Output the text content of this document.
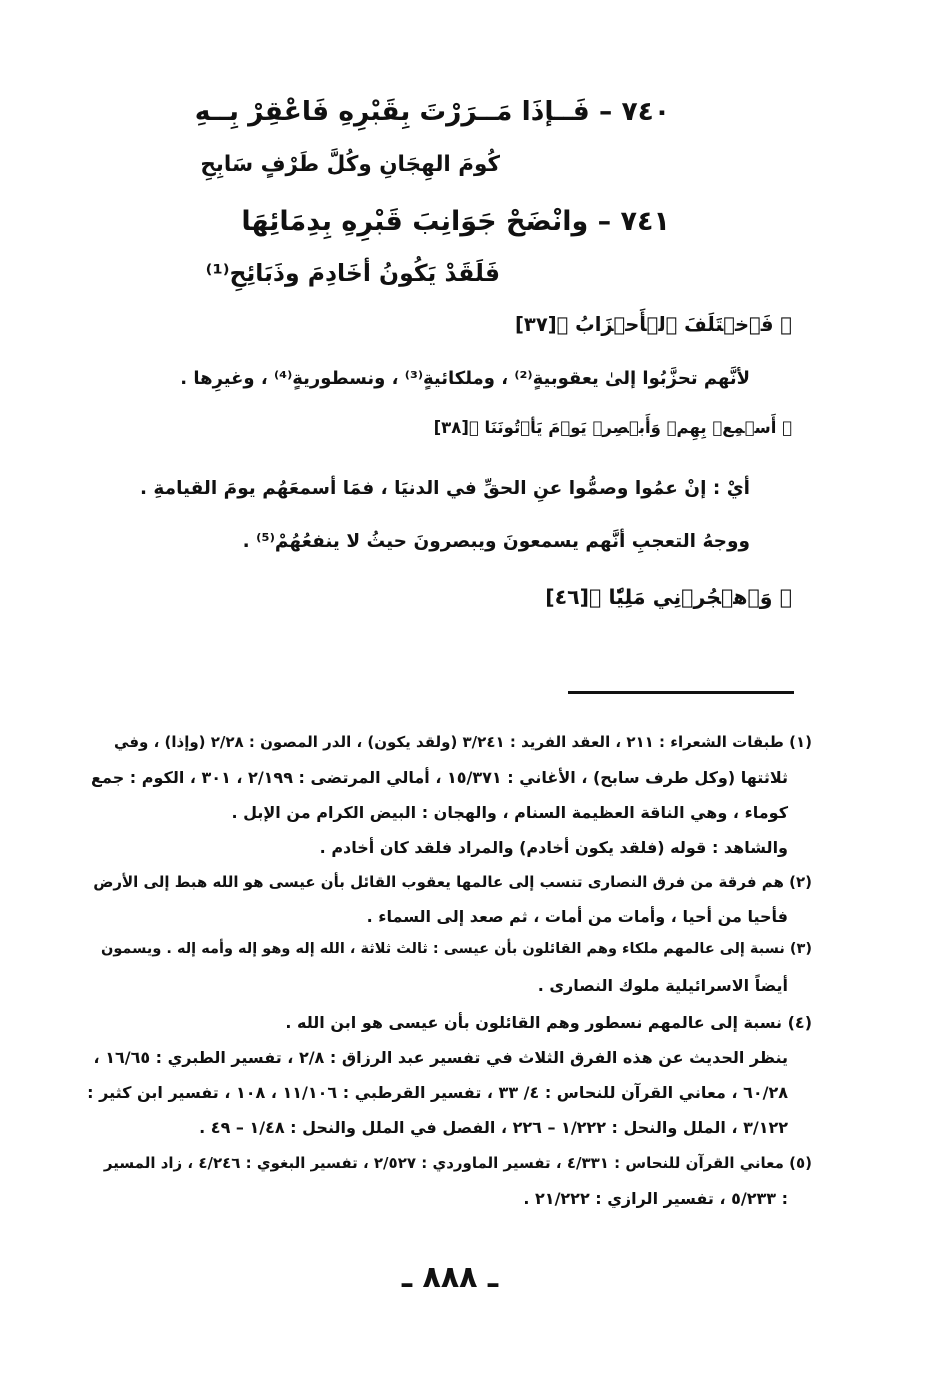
٧٤٠ – فَــإذَا مَــرَرْتَ بِقَبْرِهِ فَاعْقِرْ بِــهِ
كُومَ الهِجَانِ وكُلَّ طَرْفٍ سَابِحِ
٧٤١ – وانْضَحْ جَوَانِبَ قَبْرِهِ بِدِمَائِهَا
فَلَقَدْ يَكُونُ أخَادِمَ وذَبَائِحِ⁽¹⁾
﴿ فَٱخۡتَلَفَ ٱلۡأَحۡزَابُ ﴾[٣٧]
لأنَّهم تحزَّبُوا إلىٰ يعقوبيةٍ⁽²⁾ ، وملكائيةٍ⁽³⁾ ، ونسطوريةٍ⁽⁴⁾ ، وغيرِها .
﴿ أَسۡمِعۡ بِهِمۡ وَأَبۡصِرۡ يَوۡمَ يَأۡتُونَنَا ﴾[٣٨]
أيْ : إنْ عمُوا وصمُّوا عنِ الحقِّ في الدنيَا ، فمَا أسمعَهُم يومَ القيامةِ .
ووجهُ التعجبِ أنَّهم يسمعونَ ويبصرونَ حيثُ لا ينفعُهُمْ⁽⁵⁾ .
﴿ وَٱهۡجُرۡنِي مَلِيّٗا ﴾[٤٦]
(١) طبقات الشعراء : ٢١١ ، العقد الفريد : ٣/٢٤١ (ولقد يكون) ، الدر المصون : ٢/٢٨ (وإذا) ، وفي
ثلاثتها (وكل طرف سابح) ، الأغاني : ١٥/٣٧١ ، أمالي المرتضى : ٢/١٩٩ ، ٣٠١ ، الكوم : جمع
كوماء ، وهي الناقة العظيمة السنام ، والهجان : البيض الكرام من الإبل .
والشاهد : قوله (فلقد يكون أخادم) والمراد فلقد كان أخادم .
(٢) هم فرقة من فرق النصارى تنسب إلى عالمها يعقوب القائل بأن عيسى هو الله هبط إلى الأرض
فأحيا من أحيا ، وأمات من أمات ، ثم صعد إلى السماء .
(٣) نسبة إلى عالمهم ملكاء وهم القائلون بأن عيسى : ثالث ثلاثة ، الله إله وهو إله وأمه إله . ويسمون
أيضاً الاسرائيلية ملوك النصارى .
(٤) نسبة إلى عالمهم نسطور وهم القائلون بأن عيسى هو ابن الله .
ينظر الحديث عن هذه الفرق الثلاث في تفسير عبد الرزاق : ٢/٨ ، تفسير الطبري : ١٦/٦٥ ،
٦٠/٢٨ ، معاني القرآن للنحاس : ٤/ ٣٣ ، تفسير القرطبي : ١١/١٠٦ ، ١٠٨ ، تفسير ابن كثير :
٣/١٢٢ ، الملل والنحل : ١/٢٢٢ – ٢٢٦ ، الفصل في الملل والنحل : ١/٤٨ – ٤٩ .
(٥) معاني القرآن للنحاس : ٤/٣٣١ ، تفسير الماوردي : ٢/٥٢٧ ، تفسير البغوي : ٤/٢٤٦ ، زاد المسير
: ٥/٢٣٣ ، تفسير الرازي : ٢١/٢٢٢ .
ـ ٨٨٨ ـ
